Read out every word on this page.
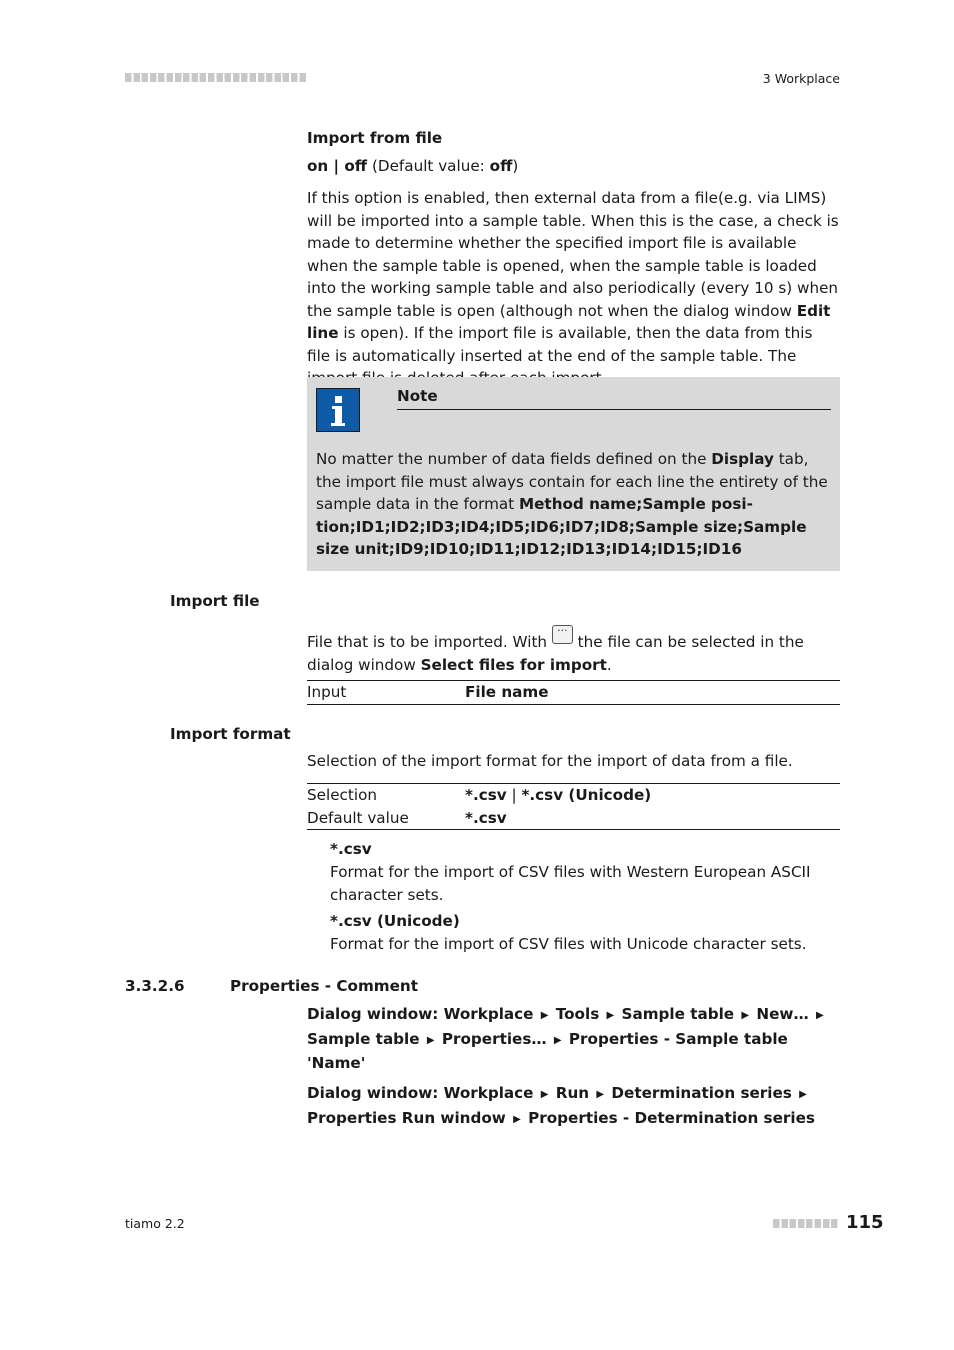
3 Workplace
Import from file
on | off (Default value: off)

If this option is enabled, then external data from a file(e.g. via LIMS) will be imported into a sample table. When this is the case, a check is made to determine whether the specified import file is available when the sample table is opened, when the sample table is loaded into the working sample table and also periodically (every 10 s) when the sample table is open (although not when the dialog window Edit line is open). If the import file is available, then the data from this file is automatically inserted at the end of the sample table. The

Note

No matter the number of data fields defined on the Display tab, the import file must always contain for each line the entirety of the sample data in the format Method name;Sample position;ID1;ID2;ID3;ID4;ID5;ID6;ID7;ID8;Sample size;Sample size unit;ID9;ID10;ID11;ID12;ID13;ID14;ID15;ID16

Import file

File that is to be imported. With
...
the file can be selected in the dialog window Select files for import.

Input	File name
Import format

Selection of the import format for the import of data from a file.

Selection	*.csv | *.csv (Unicode)
Default value	*.csv
*.csv
Format for the import of CSV files with Western European ASCII character sets.
*.csv (Unicode)
Format for the import of CSV files with Unicode character sets.
3.3.2.6	Properties - Comment

Dialog window: Workplace ▶ Tools ▶ Sample table ▶ New… ▶ Sample table ▶ Properties… ▶ Properties - Sample table 'Name'

Dialog window: Workplace ▶ Run ▶ Determination series ▶ Properties Run window ▶ Properties - Determination series

tiamo 2.2	115
